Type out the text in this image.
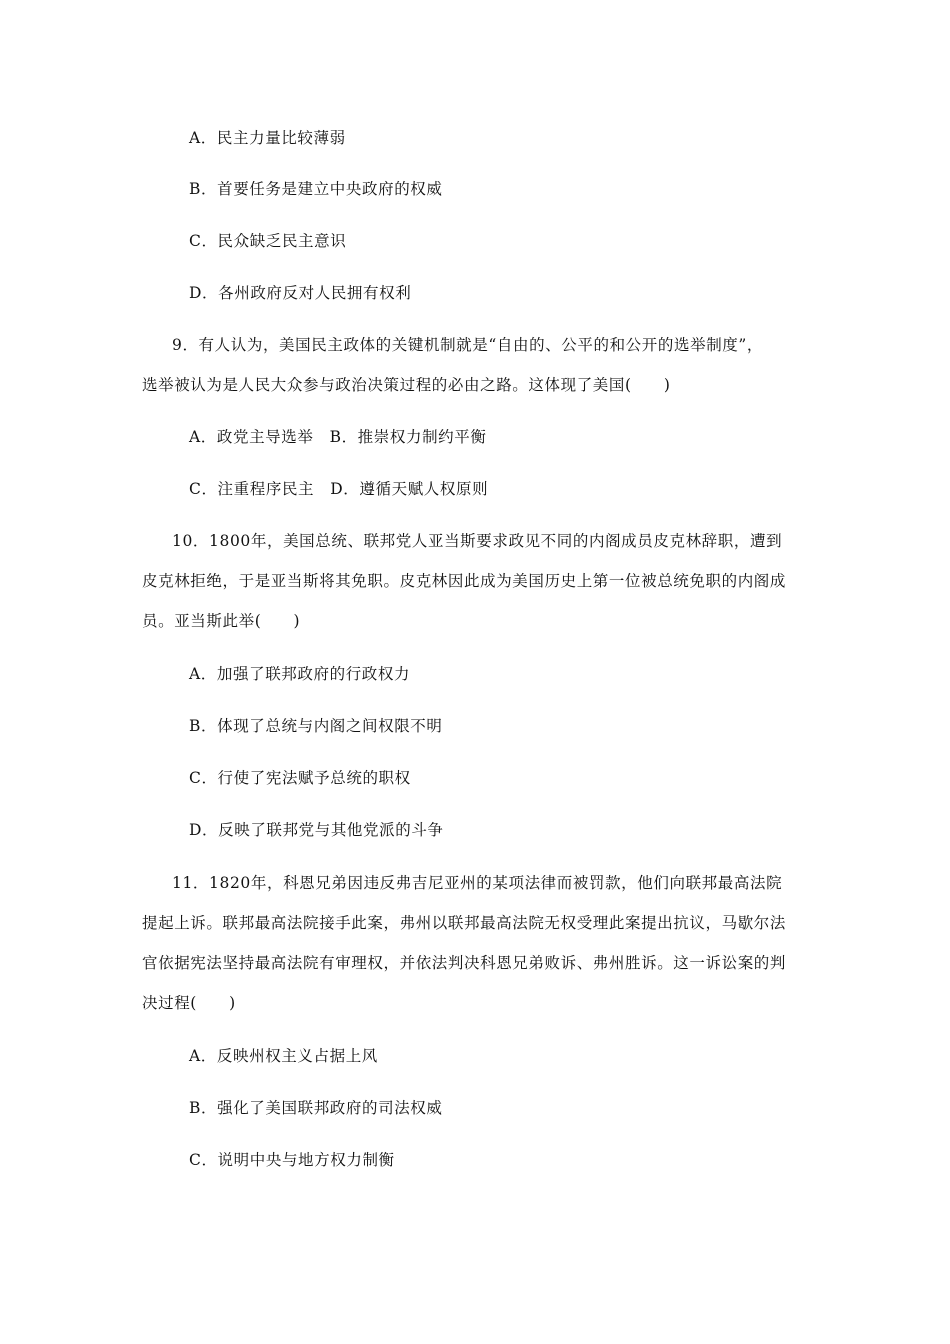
A．民主力量比较薄弱
B．首要任务是建立中央政府的权威
C．民众缺乏民主意识
D．各州政府反对人民拥有权利
9．有人认为，美国民主政体的关键机制就是“自由的、公平的和公开的选举制度”，
选举被认为是人民大众参与政治决策过程的必由之路。这体现了美国(　　)
A．政党主导选举　B．推崇权力制约平衡
C．注重程序民主　D．遵循天赋人权原则
10．1800年，美国总统、联邦党人亚当斯要求政见不同的内阁成员皮克林辞职，遭到
皮克林拒绝，于是亚当斯将其免职。皮克林因此成为美国历史上第一位被总统免职的内阁成
员。亚当斯此举(　　)
A．加强了联邦政府的行政权力
B．体现了总统与内阁之间权限不明
C．行使了宪法赋予总统的职权
D．反映了联邦党与其他党派的斗争
11．1820年，科恩兄弟因违反弗吉尼亚州的某项法律而被罚款，他们向联邦最高法院
提起上诉。联邦最高法院接手此案，弗州以联邦最高法院无权受理此案提出抗议，马歇尔法
官依据宪法坚持最高法院有审理权，并依法判决科恩兄弟败诉、弗州胜诉。这一诉讼案的判
决过程(　　)
A．反映州权主义占据上风
B．强化了美国联邦政府的司法权威
C．说明中央与地方权力制衡
